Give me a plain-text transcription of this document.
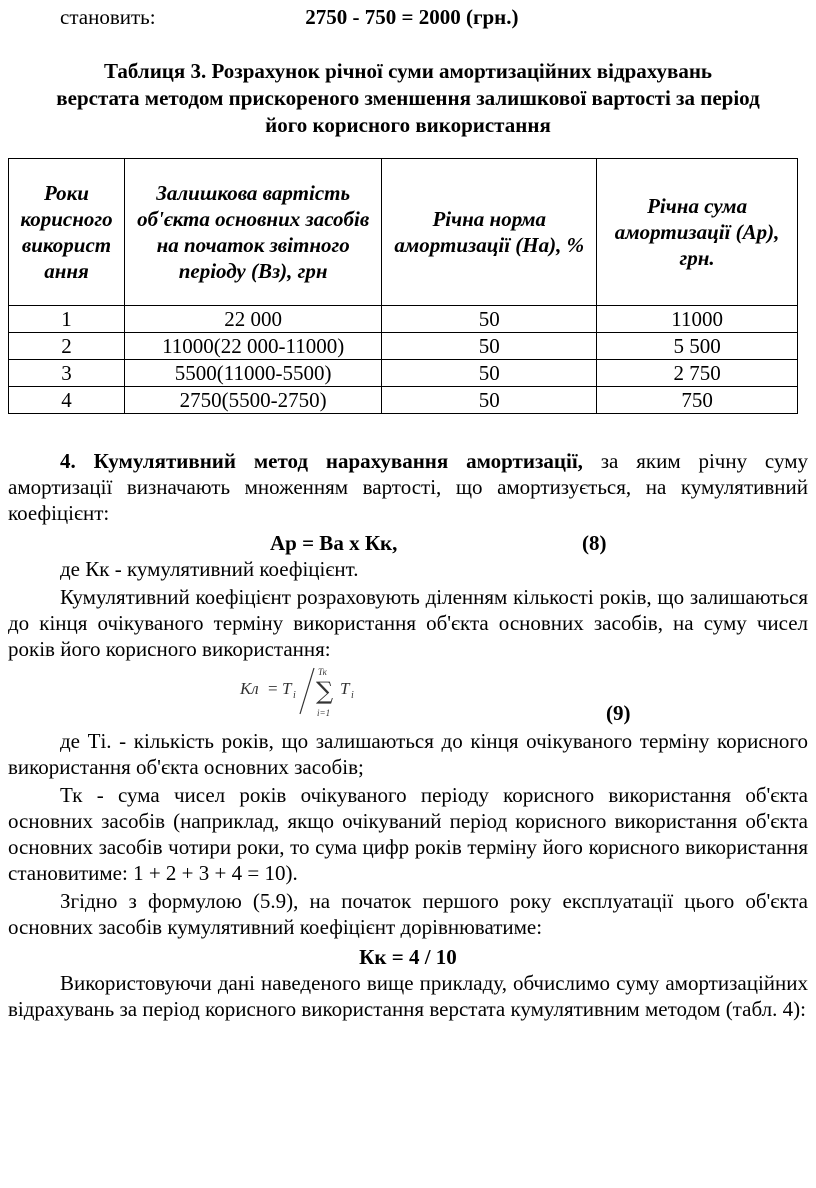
становить:	2750 - 750 = 2000 (грн.)
Таблиця 3. Розрахунок річної суми амортизаційних відрахувань
верстата методом прискореного зменшення залишкової вартості за період
його корисного використання
Роки корисного використ ання	Залишкова вартість об'єкта основних засобів на початок звітного періоду (Вз), грн	Річна норма амортизації (На), %	Річна сума амортизації (Ар), грн.
1	22 000	50	11000
2	11000(22 000-11000)	50	5 500
3	5500(11000-5500)	50	2 750
4	2750(5500-2750)	50	750
4. Кумулятивний метод нарахування амортизації, за яким річну суму амортизації визначають множенням вартості, що амортизується, на кумулятивний коефіцієнт:
Ар = Ва х Кк,	(8)
де Кк - кумулятивний коефіцієнт.
Кумулятивний коефіцієнт розраховують діленням кількості років, що залишаються до кінця очікуваного терміну використання об'єкта основних засобів, на суму чисел років його корисного використання:
Кл = T i
Тк
∑
i=1
T i
(9)
де Ті. - кількість років, що залишаються до кінця очікуваного терміну корисного використання об'єкта основних засобів;
Тк - сума чисел років очікуваного періоду корисного використання об'єкта основних засобів (наприклад, якщо очікуваний період корисного використання об'єкта основних засобів чотири роки, то сума цифр років терміну його корисного використання становитиме: 1 + 2 + 3 + 4 = 10).
Згідно з формулою (5.9), на початок першого року експлуатації цього об'єкта основних засобів кумулятивний коефіцієнт дорівнюватиме:
Кк = 4 / 10
Використовуючи дані наведеного вище прикладу, обчислимо суму амортизаційних відрахувань за період корисного використання верстата кумулятивним методом (табл. 4):
